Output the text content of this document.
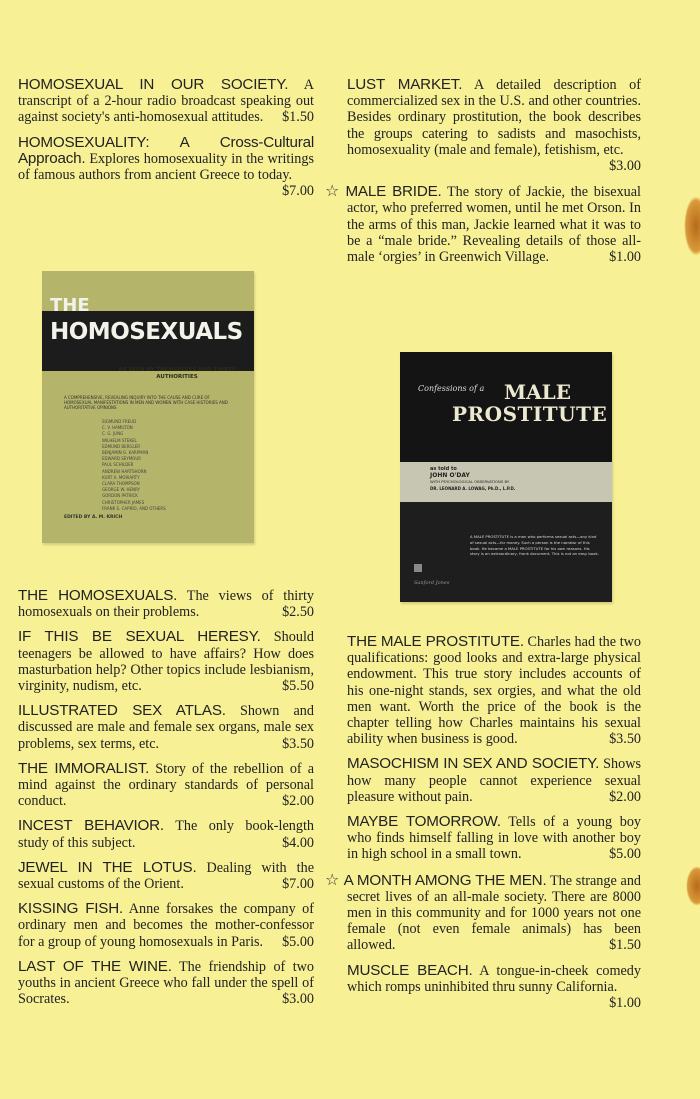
HOMOSEXUAL IN OUR SOCIETY. A transcript of a 2-hour radio broadcast speaking out against society's anti-homosexual attitudes. $1.50
HOMOSEXUALITY: A Cross-Cultural Approach. Explores homosexuality in the writings of famous authors from ancient Greece to today.
$7.00
LUST MARKET. A detailed description of commercialized sex in the U.S. and other countries. Besides ordinary prostitution, the book describes the groups catering to sadists and masochists, homosexuality (male and female), fetishism, etc.
$3.00
☆ MALE BRIDE. The story of Jackie, the bisexual actor, who preferred women, until he met Orson. In the arms of this man, Jackie learned what it was to be a “male bride.” Revealing details of those all-male ‘orgies’ in Greenwich Village.	$1.00
THE HOMOSEXUALS. The views of thirty homosexuals on their problems.	$2.50
IF THIS BE SEXUAL HERESY. Should teenagers be allowed to have affairs? How does masturbation help? Other topics include lesbianism, virginity, nudism, etc.	$5.50
ILLUSTRATED SEX ATLAS. Shown and discussed are male and female sex organs, male sex problems, sex terms, etc.	$3.50
THE IMMORALIST. Story of the rebellion of a mind against the ordinary standards of personal conduct.	$2.00
INCEST BEHAVIOR. The only book-length study of this subject.	$4.00
JEWEL IN THE LOTUS. Dealing with the sexual customs of the Orient.	$7.00
KISSING FISH. Anne forsakes the company of ordinary men and becomes the mother-confessor for a group of young homosexuals in Paris. $5.00
LAST OF THE WINE. The friendship of two youths in ancient Greece who fall under the spell of Socrates.	$3.00
THE MALE PROSTITUTE. Charles had the two qualifications: good looks and extra-large physical endowment. This true story includes accounts of his one-night stands, sex orgies, and what the old men want. Worth the price of the book is the chapter telling how Charles maintains his sexual ability when business is good.	$3.50
MASOCHISM IN SEX AND SOCIETY. Shows how many people cannot experience sexual pleasure without pain.	$2.00
MAYBE TOMORROW. Tells of a young boy who finds himself falling in love with another boy in high school in a small town.	$5.00
☆ A MONTH AMONG THE MEN. The strange and secret lives of an all-male society. There are 8000 men in this community and for 1000 years not one female (not even female animals) has been allowed.	$1.50
MUSCLE BEACH. A tongue-in-cheek comedy which romps uninhibited thru sunny California.
$1.00
THE
HOMOSEXUALS
AS SEEN BY THEMSELVES AND THIRTY AUTHORITIES
A COMPREHENSIVE, REVEALING INQUIRY INTO THE CAUSE AND CURE OF HOMOSEXUAL MANIFESTATIONS IN MEN AND WOMEN WITH CASE HISTORIES AND AUTHORITATIVE OPINIONS
SIGMUND FREUD
C. V. HAMILTON
C. G. JUNG
WILHELM STEKEL
EDMUND BERGLER
BENJAMIN G. KARPMAN
EDWARD SEYMOUR
PAUL SCHILDER
ANDREW HARTSHORN
KURT A. MORIARTY
CLARA THOMPSON
GEORGE W. HENRY
GORDON PATRICK
CHRISTOPHER JAMES
FRANK S. CAPRIO, AND OTHERS
EDITED BY A. M. KRICH
Confessions of a MALE
PROSTITUTE
as told to
JOHN O'DAY
WITH PSYCHOLOGICAL OBSERVATIONS BY
DR. LEONARD A. LOWAG, Ph.D., L.P.D.
A MALE PROSTITUTE is a man who performs sexual acts—any kind of sexual acts—for money. Such a person is the narrator of this book. He became a MALE PROSTITUTE for his own reasons. His story is an extraordinary, frank document. This is not an easy book.
Sanford Jones
